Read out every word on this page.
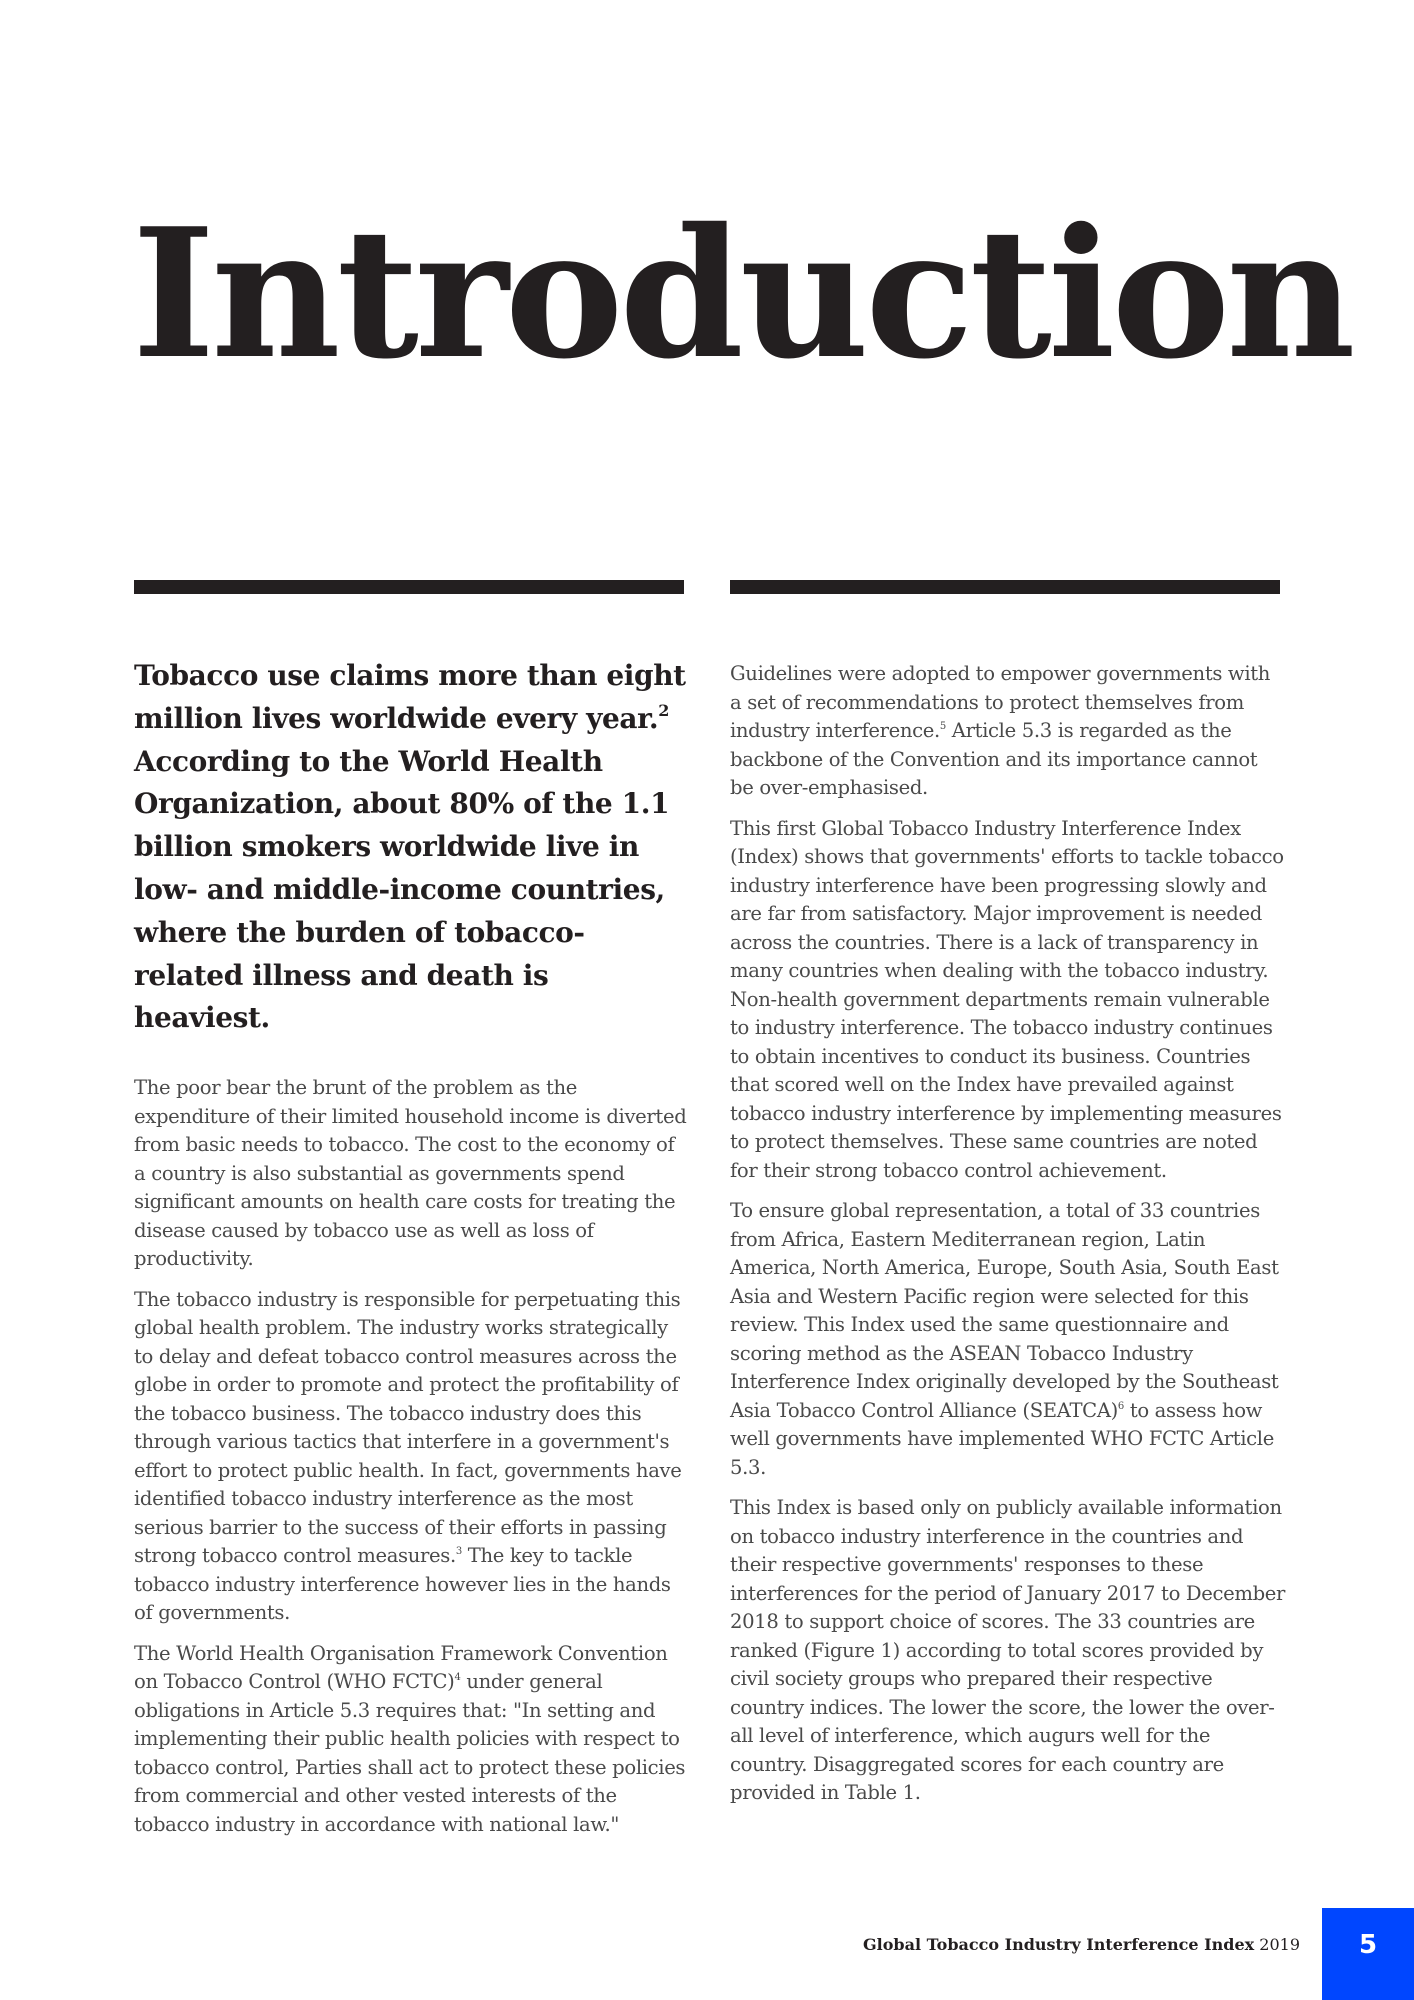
Introduction

Tobacco use claims more than eight million lives worldwide every year.$^2$ According to the World Health Organization, about 80% of the 1.1 billion smokers worldwide live in low- and middle-income countries, where the burden of tobacco-related illness and death is heaviest.

The poor bear the brunt of the problem as the expenditure of their limited household income is diverted from basic needs to tobacco. The cost to the economy of a country is also substantial as governments spend significant amounts on health care costs for treating the disease caused by tobacco use as well as loss of productivity.

The tobacco industry is responsible for perpetuating this global health problem. The industry works strategically to delay and defeat tobacco control measures across the globe in order to promote and protect the profitability of the tobacco business. The tobacco industry does this through various tactics that interfere in a government's effort to protect public health. In fact, governments have identified tobacco industry interference as the most serious barrier to the success of their efforts in passing strong tobacco control measures.$^3$ The key to tackle tobacco industry interference however lies in the hands of governments.

The World Health Organisation Framework Convention on Tobacco Control (WHO FCTC)$^4$ under general obligations in Article 5.3 requires that: "In setting and implementing their public health policies with respect to tobacco control, Parties shall act to protect these policies from commercial and other vested interests of the tobacco industry in accordance with national law."

Guidelines were adopted to empower governments with a set of recommendations to protect themselves from industry interference.$^5$ Article 5.3 is regarded as the backbone of the Convention and its importance cannot be over-emphasised.

This first Global Tobacco Industry Interference Index (Index) shows that governments' efforts to tackle tobacco industry interference have been progressing slowly and are far from satisfactory. Major improvement is needed across the countries. There is a lack of transparency in many countries when dealing with the tobacco industry. Non-health government departments remain vulnerable to industry interference. The tobacco industry continues to obtain incentives to conduct its business. Countries that scored well on the Index have prevailed against tobacco industry interference by implementing measures to protect themselves. These same countries are noted for their strong tobacco control achievement.

To ensure global representation, a total of 33 countries from Africa, Eastern Mediterranean region, Latin America, North America, Europe, South Asia, South East Asia and Western Pacific region were selected for this review. This Index used the same questionnaire and scoring method as the ASEAN Tobacco Industry Interference Index originally developed by the Southeast Asia Tobacco Control Alliance (SEATCA)$^6$ to assess how well governments have implemented WHO FCTC Article 5.3.

This Index is based only on publicly available information on tobacco industry interference in the countries and their respective governments' responses to these interferences for the period of January 2017 to December 2018 to support choice of scores. The 33 countries are ranked (Figure 1) according to total scores provided by civil society groups who prepared their respective country indices. The lower the score, the lower the over-all level of interference, which augurs well for the country. Disaggregated scores for each country are provided in Table 1.

Global Tobacco Industry Interference Index 2019	5
